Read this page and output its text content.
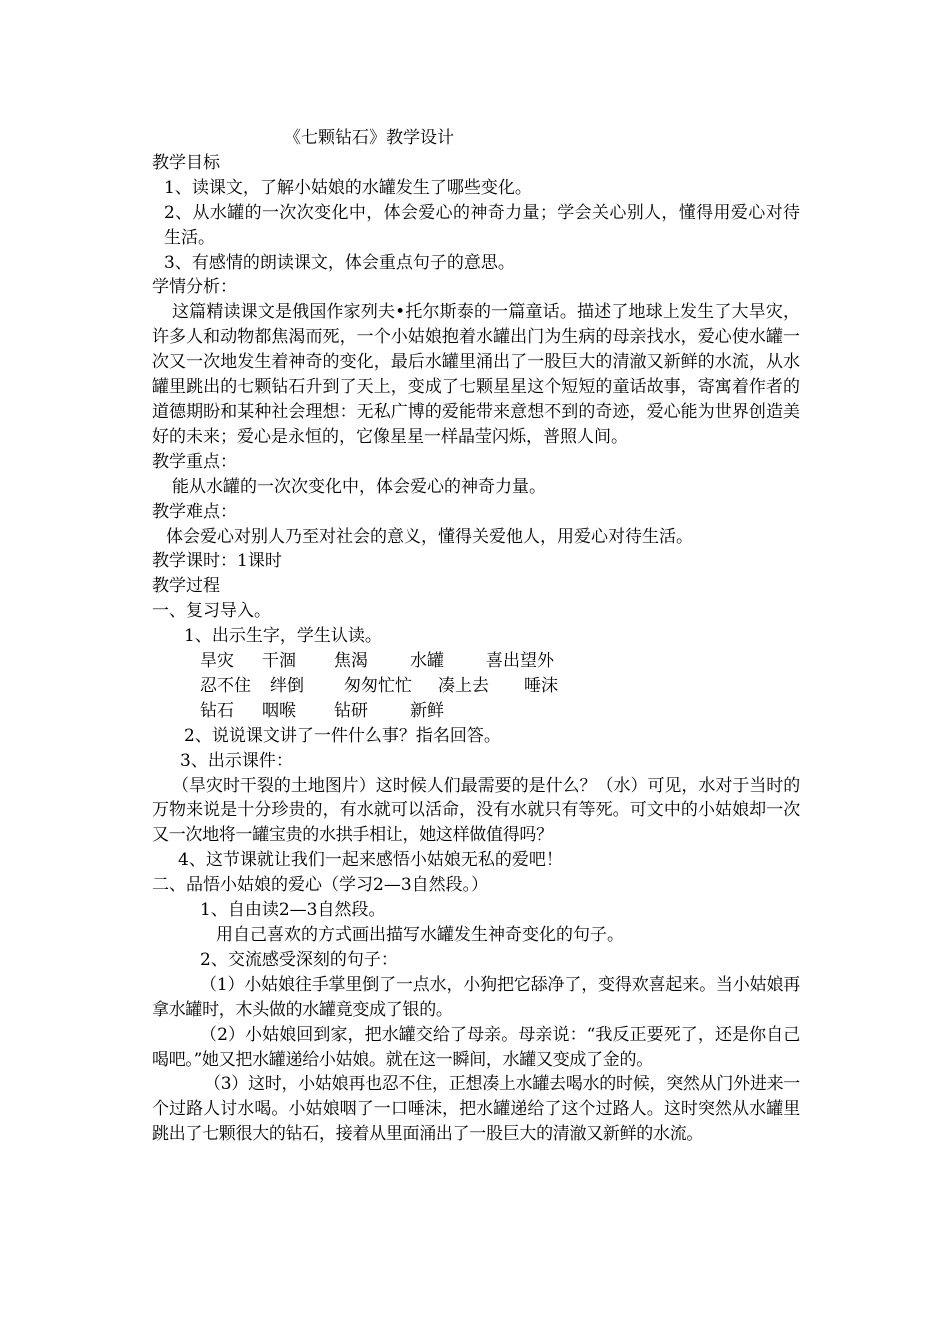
《七颗钻石》教学设计

教学目标

1、读课文，了解小姑娘的水罐发生了哪些变化。

2、从水罐的一次次变化中，体会爱心的神奇力量；学会关心别人，懂得用爱心对待生活。

3、有感情的朗读课文，体会重点句子的意思。

学情分析：

这篇精读课文是俄国作家列夫•托尔斯泰的一篇童话。描述了地球上发生了大旱灾，许多人和动物都焦渴而死，一个小姑娘抱着水罐出门为生病的母亲找水，爱心使水罐一次又一次地发生着神奇的变化，最后水罐里涌出了一股巨大的清澈又新鲜的水流，从水罐里跳出的七颗钻石升到了天上，变成了七颗星星这个短短的童话故事，寄寓着作者的道德期盼和某种社会理想：无私广博的爱能带来意想不到的奇迹，爱心能为世界创造美好的未来；爱心是永恒的，它像星星一样晶莹闪烁，普照人间。

教学重点：

能从水罐的一次次变化中，体会爱心的神奇力量。

教学难点：

体会爱心对别人乃至对社会的意义，懂得关爱他人，用爱心对待生活。

教学课时：1课时

教学过程

一、复习导入。

1、出示生字，学生认读。

旱灾 干涸 焦渴 水罐 喜出望外

忍不住 绊倒 匆匆忙忙 凑上去 唾沫

钻石 咽喉 钻研 新鲜

2、说说课文讲了一件什么事？指名回答。

3、出示课件：

（旱灾时干裂的土地图片）这时候人们最需要的是什么？（水）可见，水对于当时的万物来说是十分珍贵的，有水就可以活命，没有水就只有等死。可文中的小姑娘却一次又一次地将一罐宝贵的水拱手相让，她这样做值得吗？

4、这节课就让我们一起来感悟小姑娘无私的爱吧！

二、品悟小姑娘的爱心（学习2—3自然段。）

1、自由读2—3自然段。

用自己喜欢的方式画出描写水罐发生神奇变化的句子。

2、交流感受深刻的句子：

（1）小姑娘往手掌里倒了一点水，小狗把它舔净了，变得欢喜起来。当小姑娘再拿水罐时，木头做的水罐竟变成了银的。

（2）小姑娘回到家，把水罐交给了母亲。母亲说：“我反正要死了，还是你自己喝吧。”她又把水罐递给小姑娘。就在这一瞬间，水罐又变成了金的。

（3）这时，小姑娘再也忍不住，正想凑上水罐去喝水的时候，突然从门外进来一个过路人讨水喝。小姑娘咽了一口唾沫，把水罐递给了这个过路人。这时突然从水罐里跳出了七颗很大的钻石，接着从里面涌出了一股巨大的清澈又新鲜的水流。
